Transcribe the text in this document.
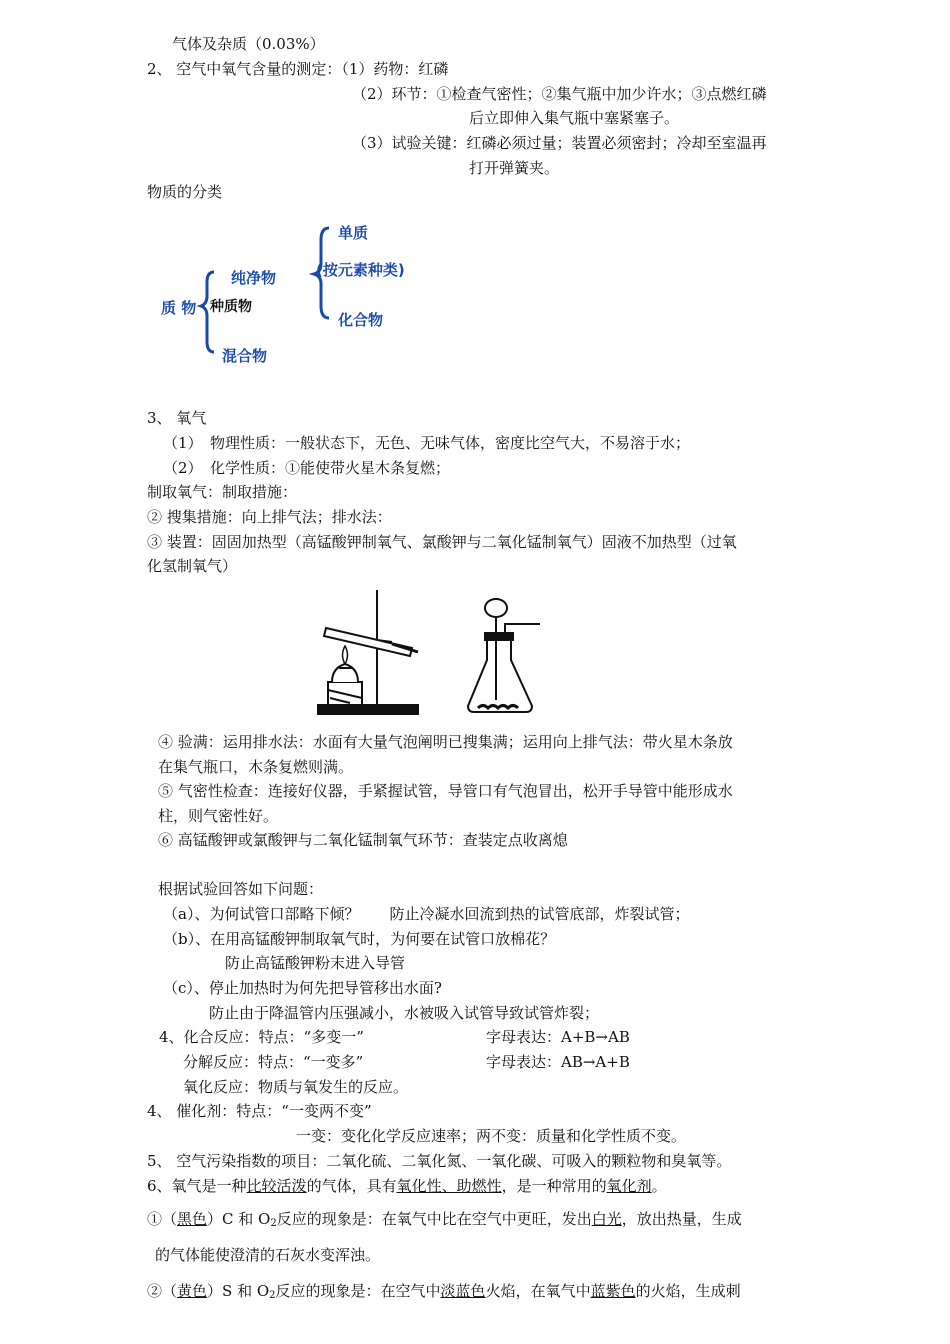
气体及杂质（0.03%）
2、 空气中氧气含量的测定：（1）药物：红磷
（2）环节：①检查气密性；②集气瓶中加少许水；③点燃红磷
后立即伸入集气瓶中塞紧塞子。
（3）试验关键：红磷必须过量；装置必须密封；冷却至室温再
打开弹簧夹。
物质的分类
单质
(按元素种类)
纯净物
质 物 种质物
化合物
混合物
3、 氧气
（1）　物理性质：一般状态下，无色、无味气体，密度比空气大，不易溶于水；
（2）　化学性质：①能使带火星木条复燃；
制取氧气：制取措施：
② 搜集措施：向上排气法；排水法：
③ 装置：固固加热型（高锰酸钾制氧气、氯酸钾与二氧化锰制氧气）固液不加热型（过氧
化氢制氧气）
④ 验满：运用排水法：水面有大量气泡阐明已搜集满；运用向上排气法：带火星木条放
在集气瓶口，木条复燃则满。
⑤ 气密性检查：连接好仪器，手紧握试管，导管口有气泡冒出，松开手导管中能形成水
柱，则气密性好。
⑥ 高锰酸钾或氯酸钾与二氧化锰制氧气环节：查装定点收离熄
根据试验回答如下问题：
（a）、为何试管口部略下倾？　　防止冷凝水回流到热的试管底部，炸裂试管；
（b）、在用高锰酸钾制取氧气时，为何要在试管口放棉花？
防止高锰酸钾粉末进入导管
（c）、停止加热时为何先把导管移出水面?
防止由于降温管内压强减小，水被吸入试管导致试管炸裂；
4、化合反应：特点：“多变一”	字母表达：A+B→AB
分解反应：特点：“一变多”	字母表达：AB→A+B
氧化反应：物质与氧发生的反应。
4、 催化剂：特点：“一变两不变”
一变：变化化学反应速率；两不变：质量和化学性质不变。
5、 空气污染指数的项目：二氧化硫、二氧化氮、一氧化碳、可吸入的颗粒物和臭氧等。
6、氧气是一种比较活泼的气体，具有氧化性、助燃性，是一种常用的氧化剂。
①（黑色）C 和 $O_2$反应的现象是：在氧气中比在空气中更旺，发出白光，放出热量，生成
的气体能使澄清的石灰水变浑浊。
②（黄色）S 和 $O_2$反应的现象是：在空气中淡蓝色火焰，在氧气中蓝紫色的火焰，生成刺
